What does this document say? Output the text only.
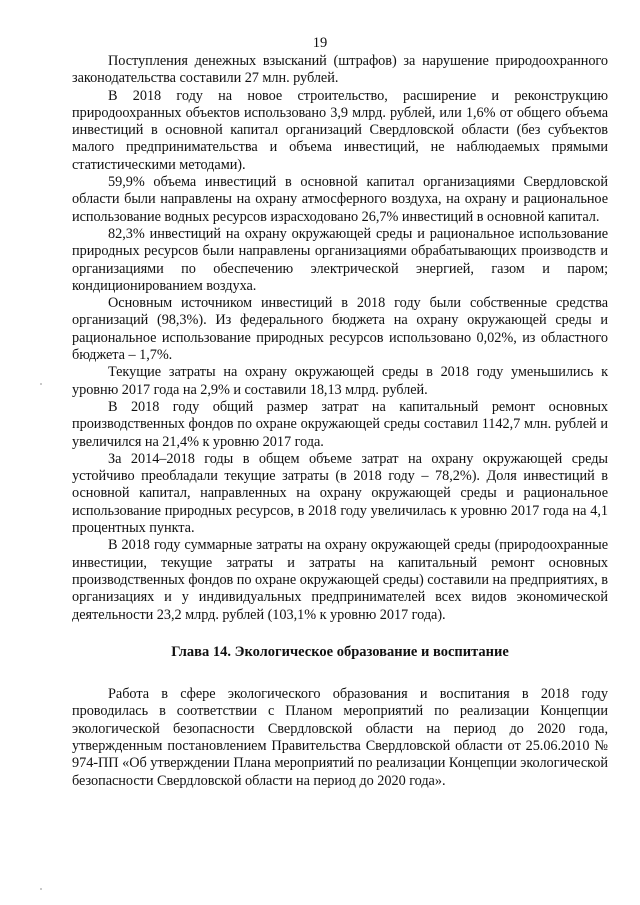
19

Поступления денежных взысканий (штрафов) за нарушение природоохранного законодательства составили 27 млн. рублей.

В 2018 году на новое строительство, расширение и реконструкцию природоохранных объектов использовано 3,9 млрд. рублей, или 1,6% от общего объема инвестиций в основной капитал организаций Свердловской области (без субъектов малого предпринимательства и объема инвестиций, не наблюдаемых прямыми статистическими методами).

59,9% объема инвестиций в основной капитал организациями Свердловской области были направлены на охрану атмосферного воздуха, на охрану и рациональное использование водных ресурсов израсходовано 26,7% инвестиций в основной капитал.

82,3% инвестиций на охрану окружающей среды и рациональное использование природных ресурсов были направлены организациями обрабатывающих производств и организациями по обеспечению электрической энергией, газом и паром; кондиционированием воздуха.

Основным источником инвестиций в 2018 году были собственные средства организаций (98,3%). Из федерального бюджета на охрану окружающей среды и рациональное использование природных ресурсов использовано 0,02%, из областного бюджета – 1,7%.

Текущие затраты на охрану окружающей среды в 2018 году уменьшились к уровню 2017 года на 2,9% и составили 18,13 млрд. рублей.

В 2018 году общий размер затрат на капитальный ремонт основных производственных фондов по охране окружающей среды составил 1142,7 млн. рублей и увеличился на 21,4% к уровню 2017 года.

За 2014–2018 годы в общем объеме затрат на охрану окружающей среды устойчиво преобладали текущие затраты (в 2018 году – 78,2%). Доля инвестиций в основной капитал, направленных на охрану окружающей среды и рациональное использование природных ресурсов, в 2018 году увеличилась к уровню 2017 года на 4,1 процентных пункта.

В 2018 году суммарные затраты на охрану окружающей среды (природоохранные инвестиции, текущие затраты и затраты на капитальный ремонт основных производственных фондов по охране окружающей среды) составили на предприятиях, в организациях и у индивидуальных предпринимателей всех видов экономической деятельности 23,2 млрд. рублей (103,1% к уровню 2017 года).

Глава 14. Экологическое образование и воспитание

Работа в сфере экологического образования и воспитания в 2018 году проводилась в соответствии с Планом мероприятий по реализации Концепции экологической безопасности Свердловской области на период до 2020 года, утвержденным постановлением Правительства Свердловской области от 25.06.2010 № 974-ПП «Об утверждении Плана мероприятий по реализации Концепции экологической безопасности Свердловской области на период до 2020 года».
